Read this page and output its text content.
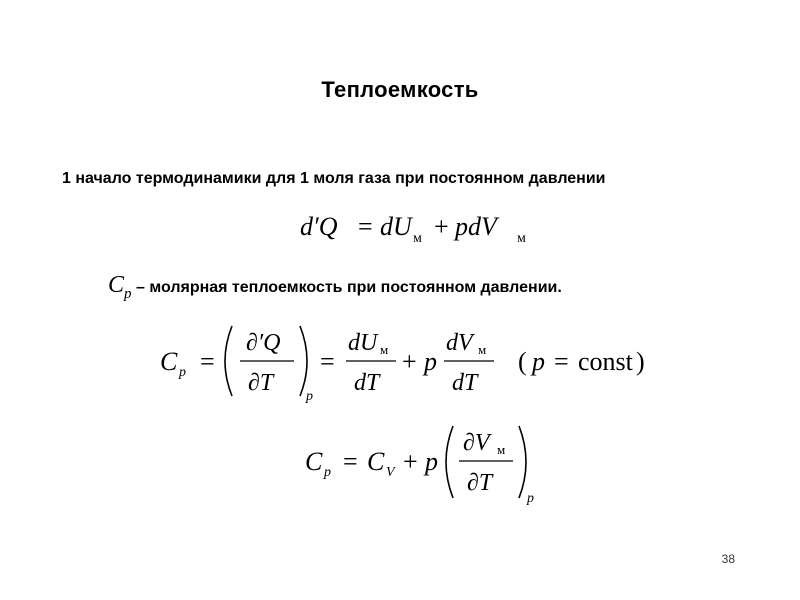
Теплоемкость
1 начало термодинамики для 1 моля газа при постоянном давлении
d′Q = dU м + pdV м
Cp – молярная теплоемкость при постоянном давлении.
C p =
∂′Q
∂T
p
=
dU м
dT
+ p
dV м
dT
( p = const )
C p = C V + p
∂V м
∂T
p
38
